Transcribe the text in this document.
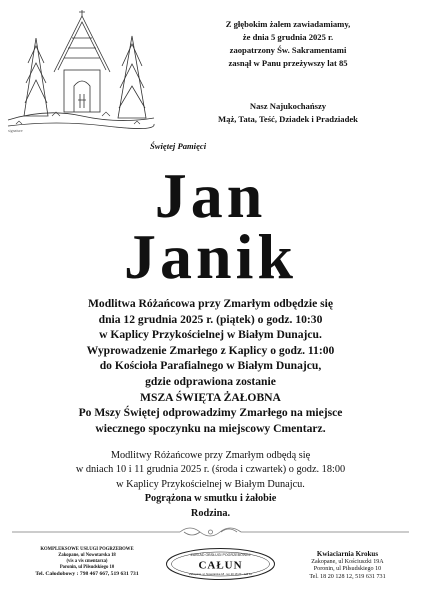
signature
Z głębokim żalem zawiadamiamy,
że dnia 5 grudnia 2025 r.
zaopatrzony Św. Sakramentami
zasnął w Panu przeżywszy lat 85
Nasz Najukochańszy
Mąż, Tata, Teść, Dziadek i Pradziadek
Świętej Pamięci
Jan
Janik
Modlitwa Różańcowa przy Zmarłym odbędzie się
dnia 12 grudnia 2025 r. (piątek) o godz. 10:30
w Kaplicy Przykościelnej w Białym Dunajcu.
Wyprowadzenie Zmarłego z Kaplicy o godz. 11:00
do Kościoła Parafialnego w Białym Dunajcu,
gdzie odprawiona zostanie
MSZA ŚWIĘTA ŻAŁOBNA
Po Mszy Świętej odprowadzimy Zmarłego na miejsce
wiecznego spoczynku na miejscowy Cmentarz.
Modlitwy Różańcowe przy Zmarłym odbędą się
w dniach 10 i 11 grudnia 2025 r. (środa i czwartek) o godz. 18:00
w Kaplicy Przykościelnej w Białym Dunajcu.
Pogrążona w smutku i żałobie
Rodzina.
KOMPLEKSOWE USŁUGI POGRZEBOWE
Zakopane, ul Nowotarska 18
(vis a vis cmentarza)
Poronin, ul Piłsudskiego 10
Tel. Całodobowy : 798 467 667, 519 631 731
ZAKŁAD OBSŁUGI POGRZEBOWEJ
CAŁUN
Zakopane, ul. Nowotarska 18 · tel. 20 18 20 · 128 12
Kwiaciarnia Krokus
Zakopane, ul Kościuszki 19A
Poronin, ul Piłsudskiego 10
Tel. 18 20 128 12, 519 631 731
